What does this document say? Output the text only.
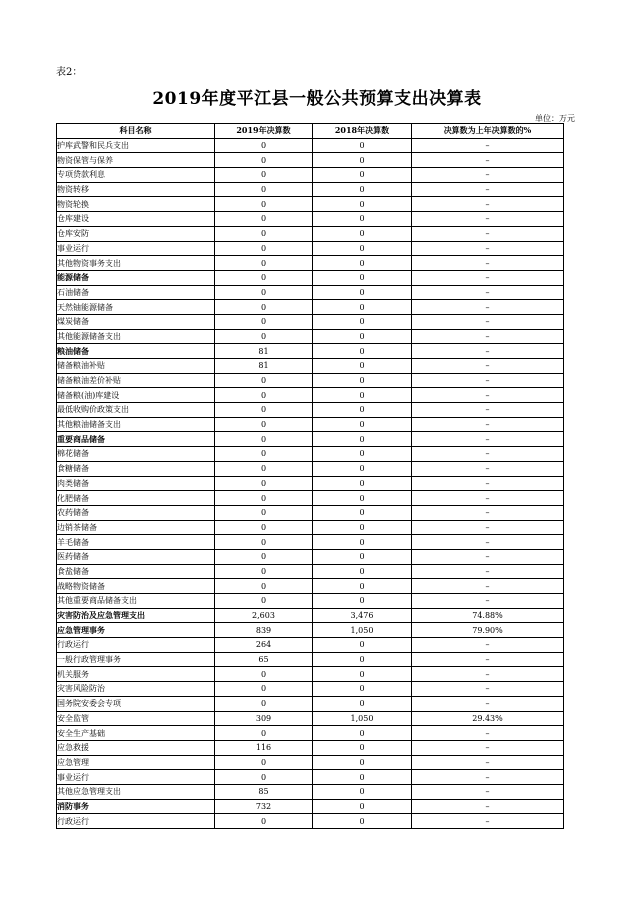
表2：
2019年度平江县一般公共预算支出决算表
单位：万元
科目名称	2019年决算数	2018年决算数	决算数为上年决算数的%
护库武警和民兵支出	0	0	–
物资保管与保养	0	0	–
专项贷款利息	0	0	–
物资转移	0	0	–
物资轮换	0	0	–
仓库建设	0	0	–
仓库安防	0	0	–
事业运行	0	0	–
其他物资事务支出	0	0	–
能源储备	0	0	–
石油储备	0	0	–
天然铀能源储备	0	0	–
煤炭储备	0	0	–
其他能源储备支出	0	0	–
粮油储备	81	0	–
储备粮油补贴	81	0	–
储备粮油差价补贴	0	0	–
储备粮(油)库建设	0	0	–
最低收购价政策支出	0	0	–
其他粮油储备支出	0	0	–
重要商品储备	0	0	–
棉花储备	0	0	–
食糖储备	0	0	–
肉类储备	0	0	–
化肥储备	0	0	–
农药储备	0	0	–
边销茶储备	0	0	–
羊毛储备	0	0	–
医药储备	0	0	–
食盐储备	0	0	–
战略物资储备	0	0	–
其他重要商品储备支出	0	0	–
灾害防治及应急管理支出	2,603	3,476	74.88%
应急管理事务	839	1,050	79.90%
行政运行	264	0	–
一般行政管理事务	65	0	–
机关服务	0	0	–
灾害风险防治	0	0	–
国务院安委会专项	0	0	–
安全监管	309	1,050	29.43%
安全生产基础	0	0	–
应急救援	116	0	–
应急管理	0	0	–
事业运行	0	0	–
其他应急管理支出	85	0	–
消防事务	732	0	–
行政运行	0	0	–
